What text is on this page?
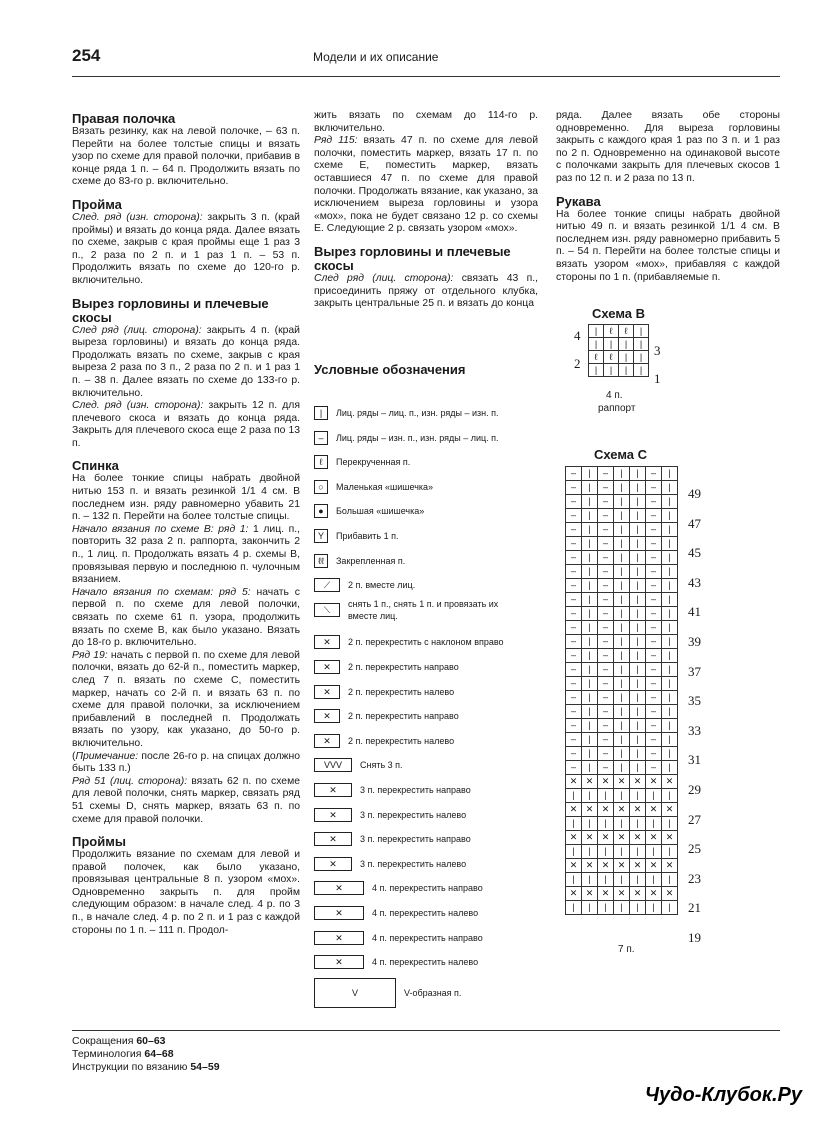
254	Модели и их описание
Правая полочка

Вязать резинку, как на левой полочке, – 63 п. Перейти на более толстые спицы и вязать узор по схеме для правой полочки, прибавив в конце ряда 1 п. – 64 п. Продолжить вязать по схеме до 83-го р. включительно.

Пройма

След. ряд (изн. сторона): закрыть 3 п. (край проймы) и вязать до конца ряда. Далее вязать по схеме, закрыв с края проймы еще 1 раз 3 п., 2 раза по 2 п. и 1 раз 1 п. – 53 п. Продолжить вязать по схеме до 120-го р. включительно.

Вырез горловины и плечевые скосы

След ряд (лиц. сторона): закрыть 4 п. (край выреза горловины) и вязать до конца ряда. Продолжать вязать по схеме, закрыв с края выреза 2 раза по 3 п., 2 раза по 2 п. и 1 раз 1 п. – 38 п. Далее вязать по схеме до 133-го р. включительно.

След. ряд (изн. сторона): закрыть 12 п. для плечевого скоса и вязать до конца ряда. Закрыть для плечевого скоса еще 2 раза по 13 п.

Спинка

На более тонкие спицы набрать двойной нитью 153 п. и вязать резинкой 1/1 4 см. В последнем изн. ряду равномерно убавить 21 п. – 132 п. Перейти на более толстые спицы.

Начало вязания по схеме В: ряд 1: 1 лиц. п., повторить 32 раза 2 п. раппорта, закончить 2 п., 1 лиц. п. Продолжать вязать 4 р. схемы В, провязывая первую и последнюю п. чулочным вязанием.

Начало вязания по схемам: ряд 5: начать с первой п. по схеме для левой полочки, связать по схеме 61 п. узора, продолжить вязать по схеме В, как было указано. Вязать до 18-го р. включительно.

Ряд 19: начать с первой п. по схеме для левой полочки, вязать до 62-й п., поместить маркер, след 7 п. вязать по схеме С, поместить маркер, начать со 2-й п. и вязать 63 п. по схеме для правой полочки, за исключением прибавлений в последней п. Продолжать вязать по узору, как указано, до 50-го р. включительно.

(Примечание: после 26-го р. на спицах должно быть 133 п.)

Ряд 51 (лиц. сторона): вязать 62 п. по схеме для левой полочки, снять маркер, связать ряд 51 схемы D, снять маркер, вязать 63 п. по схеме для правой полочки.

Проймы

Продолжить вязание по схемам для левой и правой полочек, как было указано, провязывая центральные 8 п. узором «мох». Одновременно закрыть п. для пройм следующим образом: в начале след. 4 р. по 3 п., в начале след. 4 р. по 2 п. и 1 раз с каждой стороны по 1 п. – 111 п. Продол-

жить вязать по схемам до 114-го р. включительно.

Ряд 115: вязать 47 п. по схеме для левой полочки, поместить маркер, вязать 17 п. по схеме Е, поместить маркер, вязать оставшиеся 47 п. по схеме для правой полочки. Продолжать вязание, как указано, за исключением выреза горловины и узора «мох», пока не будет связано 12 р. со схемы Е. Следующие 2 р. связать узором «мох».

Вырез горловины и плечевые скосы

След ряд (лиц. сторона): связать 43 п., присоединить пряжу от отдельного клубка, закрыть центральные 25 п. и вязать до конца

Условные обозначения
|	Лиц. ряды – лиц. п., изн. ряды – изн. п.
–	Лиц. ряды – изн. п., изн. ряды – лиц. п.
ℓ	Перекрученная п.
○	Маленькая «шишечка»
●	Большая «шишечка»
Y	Прибавить 1 п.
ℓℓ	Закрепленная п.
⟋	2 п. вместе лиц.
⟍
снять 1 п., снять 1 п. и провязать их вместе лиц.
✕	2 п. перекрестить с наклоном вправо
✕	2 п. перекрестить направо
✕	2 п. перекрестить налево
✕	2 п. перекрестить направо
✕	2 п. перекрестить налево
VVV	Снять 3 п.
✕	3 п. перекрестить направо
✕	3 п. перекрестить налево
✕	3 п. перекрестить направо
✕	3 п. перекрестить налево
✕	4 п. перекрестить направо
✕	4 п. перекрестить налево
✕	4 п. перекрестить направо
✕	4 п. перекрестить налево
V	V-образная п.

ряда. Далее вязать обе стороны одновременно. Для выреза горловины закрыть с каждого края 1 раз по 3 п. и 1 раз по 2 п. Одновременно на одинаковой высоте с полочками закрыть для плечевых скосов 1 раз по 12 п. и 2 раза по 13 п.

Рукава

На более тонкие спицы набрать двойной нитью 49 п. и вязать резинкой 1/1 4 см. В последнем изн. ряду равномерно прибавить 5 п. – 54 п. Перейти на более толстые спицы и вязать узором «мох», прибавляя с каждой стороны по 1 п. (прибавляемые п.

Схема В
|	ℓ	ℓ	|
|	|	|	|
ℓ	ℓ	|	|
|	|	|	|
4
2
3
1
4 п.
раппорт
Схема С
–	|	–	|	|	–	|
–	|	–	|	|	–	|
–	|	–	|	|	–	|
–	|	–	|	|	–	|
–	|	–	|	|	–	|
–	|	–	|	|	–	|
–	|	–	|	|	–	|
–	|	–	|	|	–	|
–	|	–	|	|	–	|
–	|	–	|	|	–	|
–	|	–	|	|	–	|
–	|	–	|	|	–	|
–	|	–	|	|	–	|
–	|	–	|	|	–	|
–	|	–	|	|	–	|
–	|	–	|	|	–	|
–	|	–	|	|	–	|
–	|	–	|	|	–	|
–	|	–	|	|	–	|
–	|	–	|	|	–	|
–	|	–	|	|	–	|
–	|	–	|	|	–	|
✕	✕	✕	✕	✕	✕	✕
|	|	|	|	|	|	|
✕	✕	✕	✕	✕	✕	✕
|	|	|	|	|	|	|
✕	✕	✕	✕	✕	✕	✕
|	|	|	|	|	|	|
✕	✕	✕	✕	✕	✕	✕
|	|	|	|	|	|	|
✕	✕	✕	✕	✕	✕	✕
|	|	|	|	|	|	|
49
47
45
43
41
39
37
35
33
31
29
27
25
23
21
19
7 п.
Сокращения 60–63
Терминология 64–68
Инструкции по вязанию 54–59
Чудо-Клубок.Ру
